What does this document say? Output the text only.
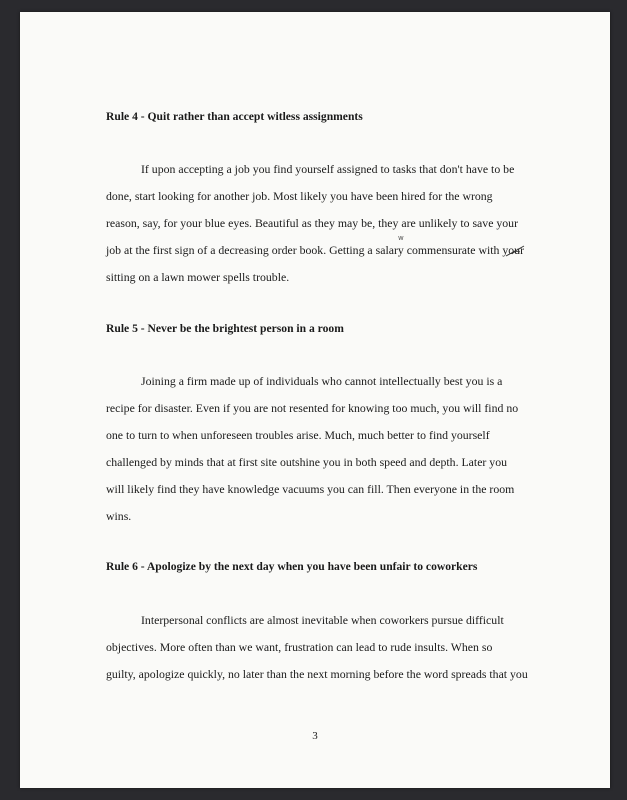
Rule 4 - Quit rather than accept witless assignments
If upon accepting a job you find yourself assigned to tasks that don't have to be
done, start looking for another job. Most likely you have been hired for the wrong
reason, say, for your blue eyes. Beautiful as they may be, they are unlikely to save your
job at the first sign of a decreasing order book. Getting a salary commensurate with your
sitting on a lawn mower spells trouble.
w
Rule 5 - Never be the brightest person in a room
Joining a firm made up of individuals who cannot intellectually best you is a
recipe for disaster. Even if you are not resented for knowing too much, you will find no
one to turn to when unforeseen troubles arise. Much, much better to find yourself
challenged by minds that at first site outshine you in both speed and depth. Later you
will likely find they have knowledge vacuums you can fill. Then everyone in the room
wins.
Rule 6 - Apologize by the next day when you have been unfair to coworkers
Interpersonal conflicts are almost inevitable when coworkers pursue difficult
objectives. More often than we want, frustration can lead to rude insults. When so
guilty, apologize quickly, no later than the next morning before the word spreads that you
3
